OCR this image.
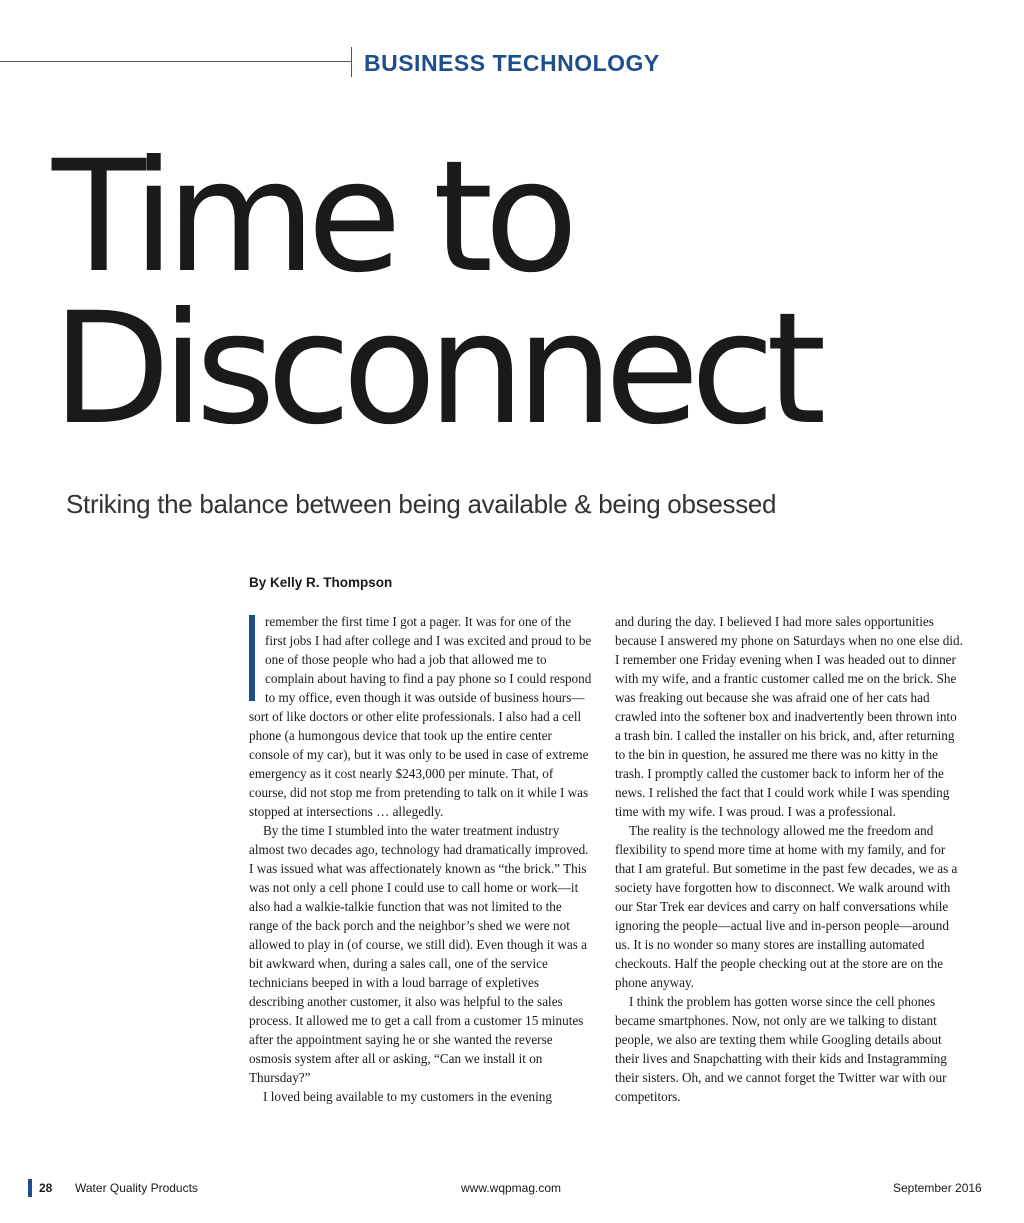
BUSINESS TECHNOLOGY
Time to
Disconnect
Striking the balance between being available & being obsessed
By Kelly R. Thompson

remember the first time I got a pager. It was for one of the first jobs I had after college and I was excited and proud to be one of those people who had a job that allowed me to complain about having to find a pay phone so I could respond to my office, even though it was outside of business hours—sort of like doctors or other elite professionals. I also had a cell phone (a humongous device that took up the entire center console of my car), but it was only to be used in case of extreme emergency as it cost nearly $243,000 per minute. That, of course, did not stop me from pretending to talk on it while I was stopped at intersections … allegedly.

By the time I stumbled into the water treatment industry almost two decades ago, technology had dramatically improved. I was issued what was affectionately known as “the brick.” This was not only a cell phone I could use to call home or work—it also had a walkie-talkie function that was not limited to the range of the back porch and the neighbor’s shed we were not allowed to play in (of course, we still did). Even though it was a bit awkward when, during a sales call, one of the service technicians beeped in with a loud barrage of expletives describing another customer, it also was helpful to the sales process. It allowed me to get a call from a customer 15 minutes after the appointment saying he or she wanted the reverse osmosis system after all or asking, “Can we install it on Thursday?”

I loved being available to my customers in the evening

and during the day. I believed I had more sales opportunities because I answered my phone on Saturdays when no one else did. I remember one Friday evening when I was headed out to dinner with my wife, and a frantic customer called me on the brick. She was freaking out because she was afraid one of her cats had crawled into the softener box and inadvertently been thrown into a trash bin. I called the installer on his brick, and, after returning to the bin in question, he assured me there was no kitty in the trash. I promptly called the customer back to inform her of the news. I relished the fact that I could work while I was spending time with my wife. I was proud. I was a professional.

The reality is the technology allowed me the freedom and flexibility to spend more time at home with my family, and for that I am grateful. But sometime in the past few decades, we as a society have forgotten how to disconnect. We walk around with our Star Trek ear devices and carry on half conversations while ignoring the people—actual live and in-person people—around us. It is no wonder so many stores are installing automated checkouts. Half the people checking out at the store are on the phone anyway.

I think the problem has gotten worse since the cell phones became smartphones. Now, not only are we talking to distant people, we also are texting them while Googling details about their lives and Snapchatting with their kids and Instagramming their sisters. Oh, and we cannot forget the Twitter war with our competitors.

28 Water Quality Products	www.wqpmag.com	September 2016
